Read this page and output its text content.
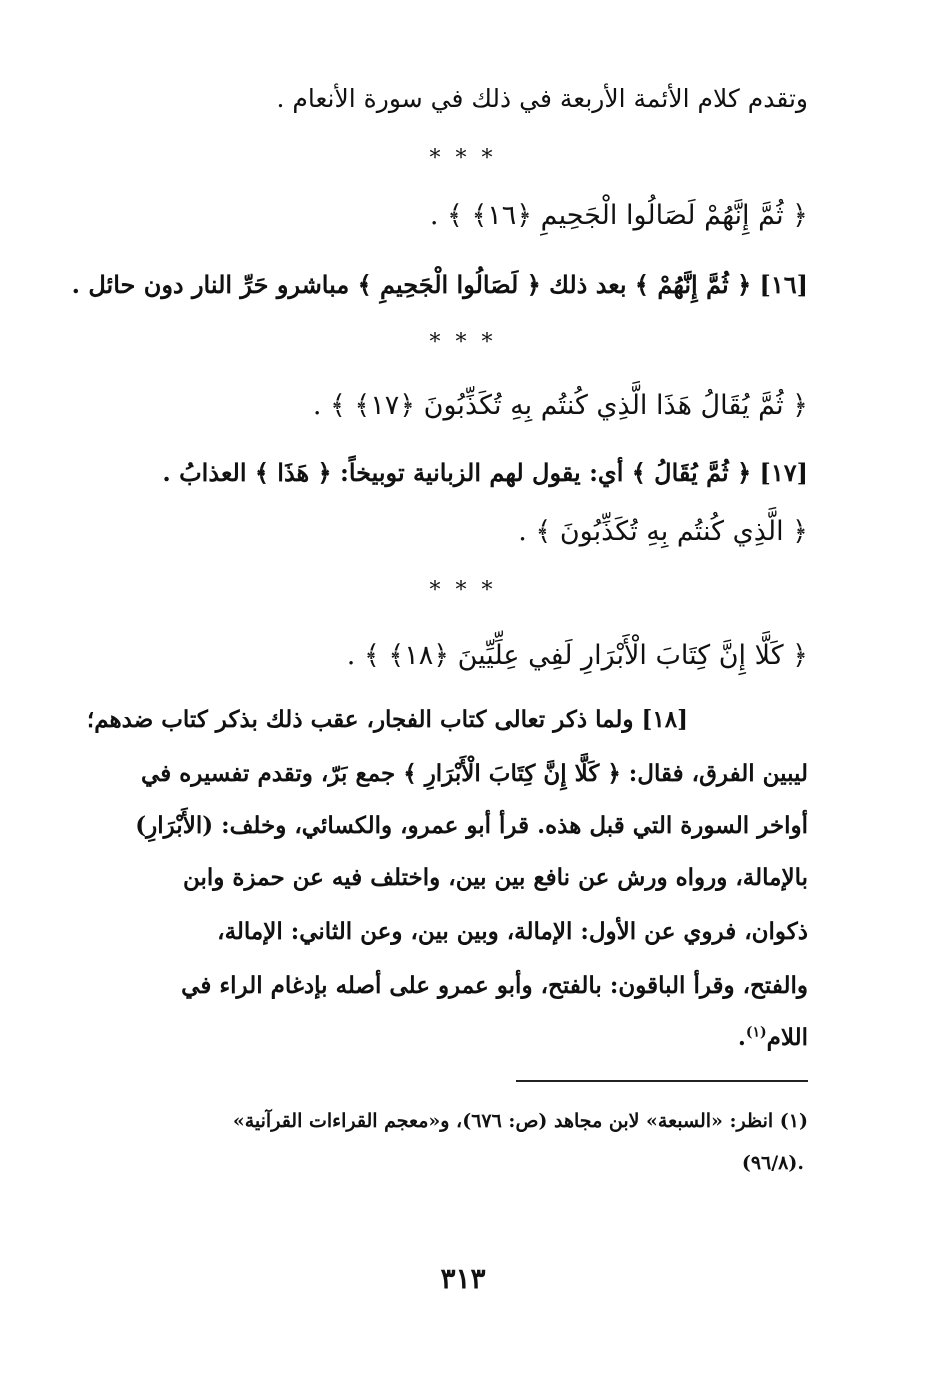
وتقدم كلام الأئمة الأربعة في ذلك في سورة الأنعام .
* * *
﴿ ثُمَّ إِنَّهُمْ لَصَالُوا الْجَحِيمِ ﴿١٦﴾ ﴾ .
[١٦] ﴿ ثُمَّ إِنَّهُمْ ﴾ بعد ذلك ﴿ لَصَالُوا الْجَحِيمِ ﴾ مباشرو حَرِّ النار دون حائل .
* * *
﴿ ثُمَّ يُقَالُ هَذَا الَّذِي كُنتُم بِهِ تُكَذِّبُونَ ﴿١٧﴾ ﴾ .
[١٧] ﴿ ثُمَّ يُقَالُ ﴾ أي: يقول لهم الزبانية توبيخاً: ﴿ هَذَا ﴾ العذابُ .
﴿ الَّذِي كُنتُم بِهِ تُكَذِّبُونَ ﴾ .
* * *
﴿ كَلَّا إِنَّ كِتَابَ الْأَبْرَارِ لَفِي عِلِّيِّينَ ﴿١٨﴾ ﴾ .
[١٨] ولما ذكر تعالى كتاب الفجار، عقب ذلك بذكر كتاب ضدهم؛
ليبين الفرق، فقال: ﴿ كَلَّا إِنَّ كِتَابَ الْأَبْرَارِ ﴾ جمع بَرّ، وتقدم تفسيره في
أواخر السورة التي قبل هذه. قرأ أبو عمرو، والكسائي، وخلف: (الأَبْرَارِ)
بالإمالة، ورواه ورش عن نافع بين بين، واختلف فيه عن حمزة وابن
ذكوان، فروي عن الأول: الإمالة، وبين بين، وعن الثاني: الإمالة،
والفتح، وقرأ الباقون: بالفتح، وأبو عمرو على أصله بإدغام الراء في
اللام$^{(١)}$.
(١) انظر: «السبعة» لابن مجاهد (ص: ٦٧٦)، و«معجم القراءات القرآنية»
.(٩٦/٨)
٣١٣
